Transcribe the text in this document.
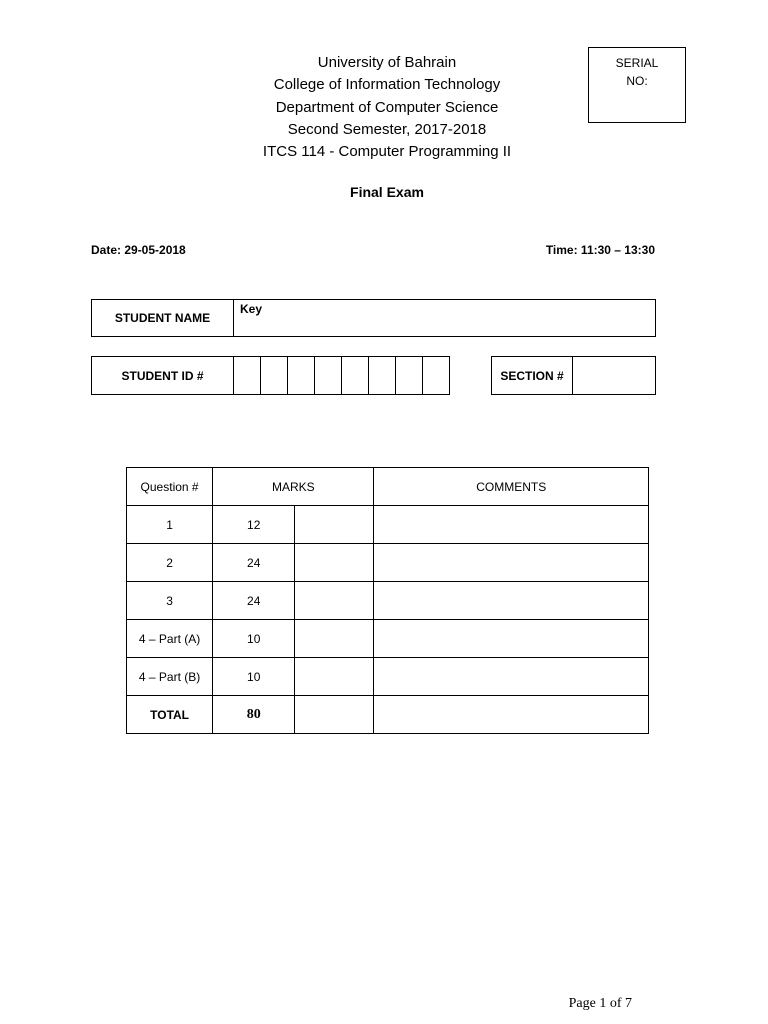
University of Bahrain
College of Information Technology
Department of Computer Science
Second Semester, 2017-2018
ITCS 114 - Computer Programming II
SERIAL
NO:
Final Exam
Date: 29-05-2018	Time: 11:30 – 13:30
STUDENT NAME	Key
STUDENT ID #									SECTION #	
Question #	MARKS		COMMENTS
1	12		
2	24		
3	24		
4 – Part (A)	10		
4 – Part (B)	10		
TOTAL	80		
Page 1 of 7
